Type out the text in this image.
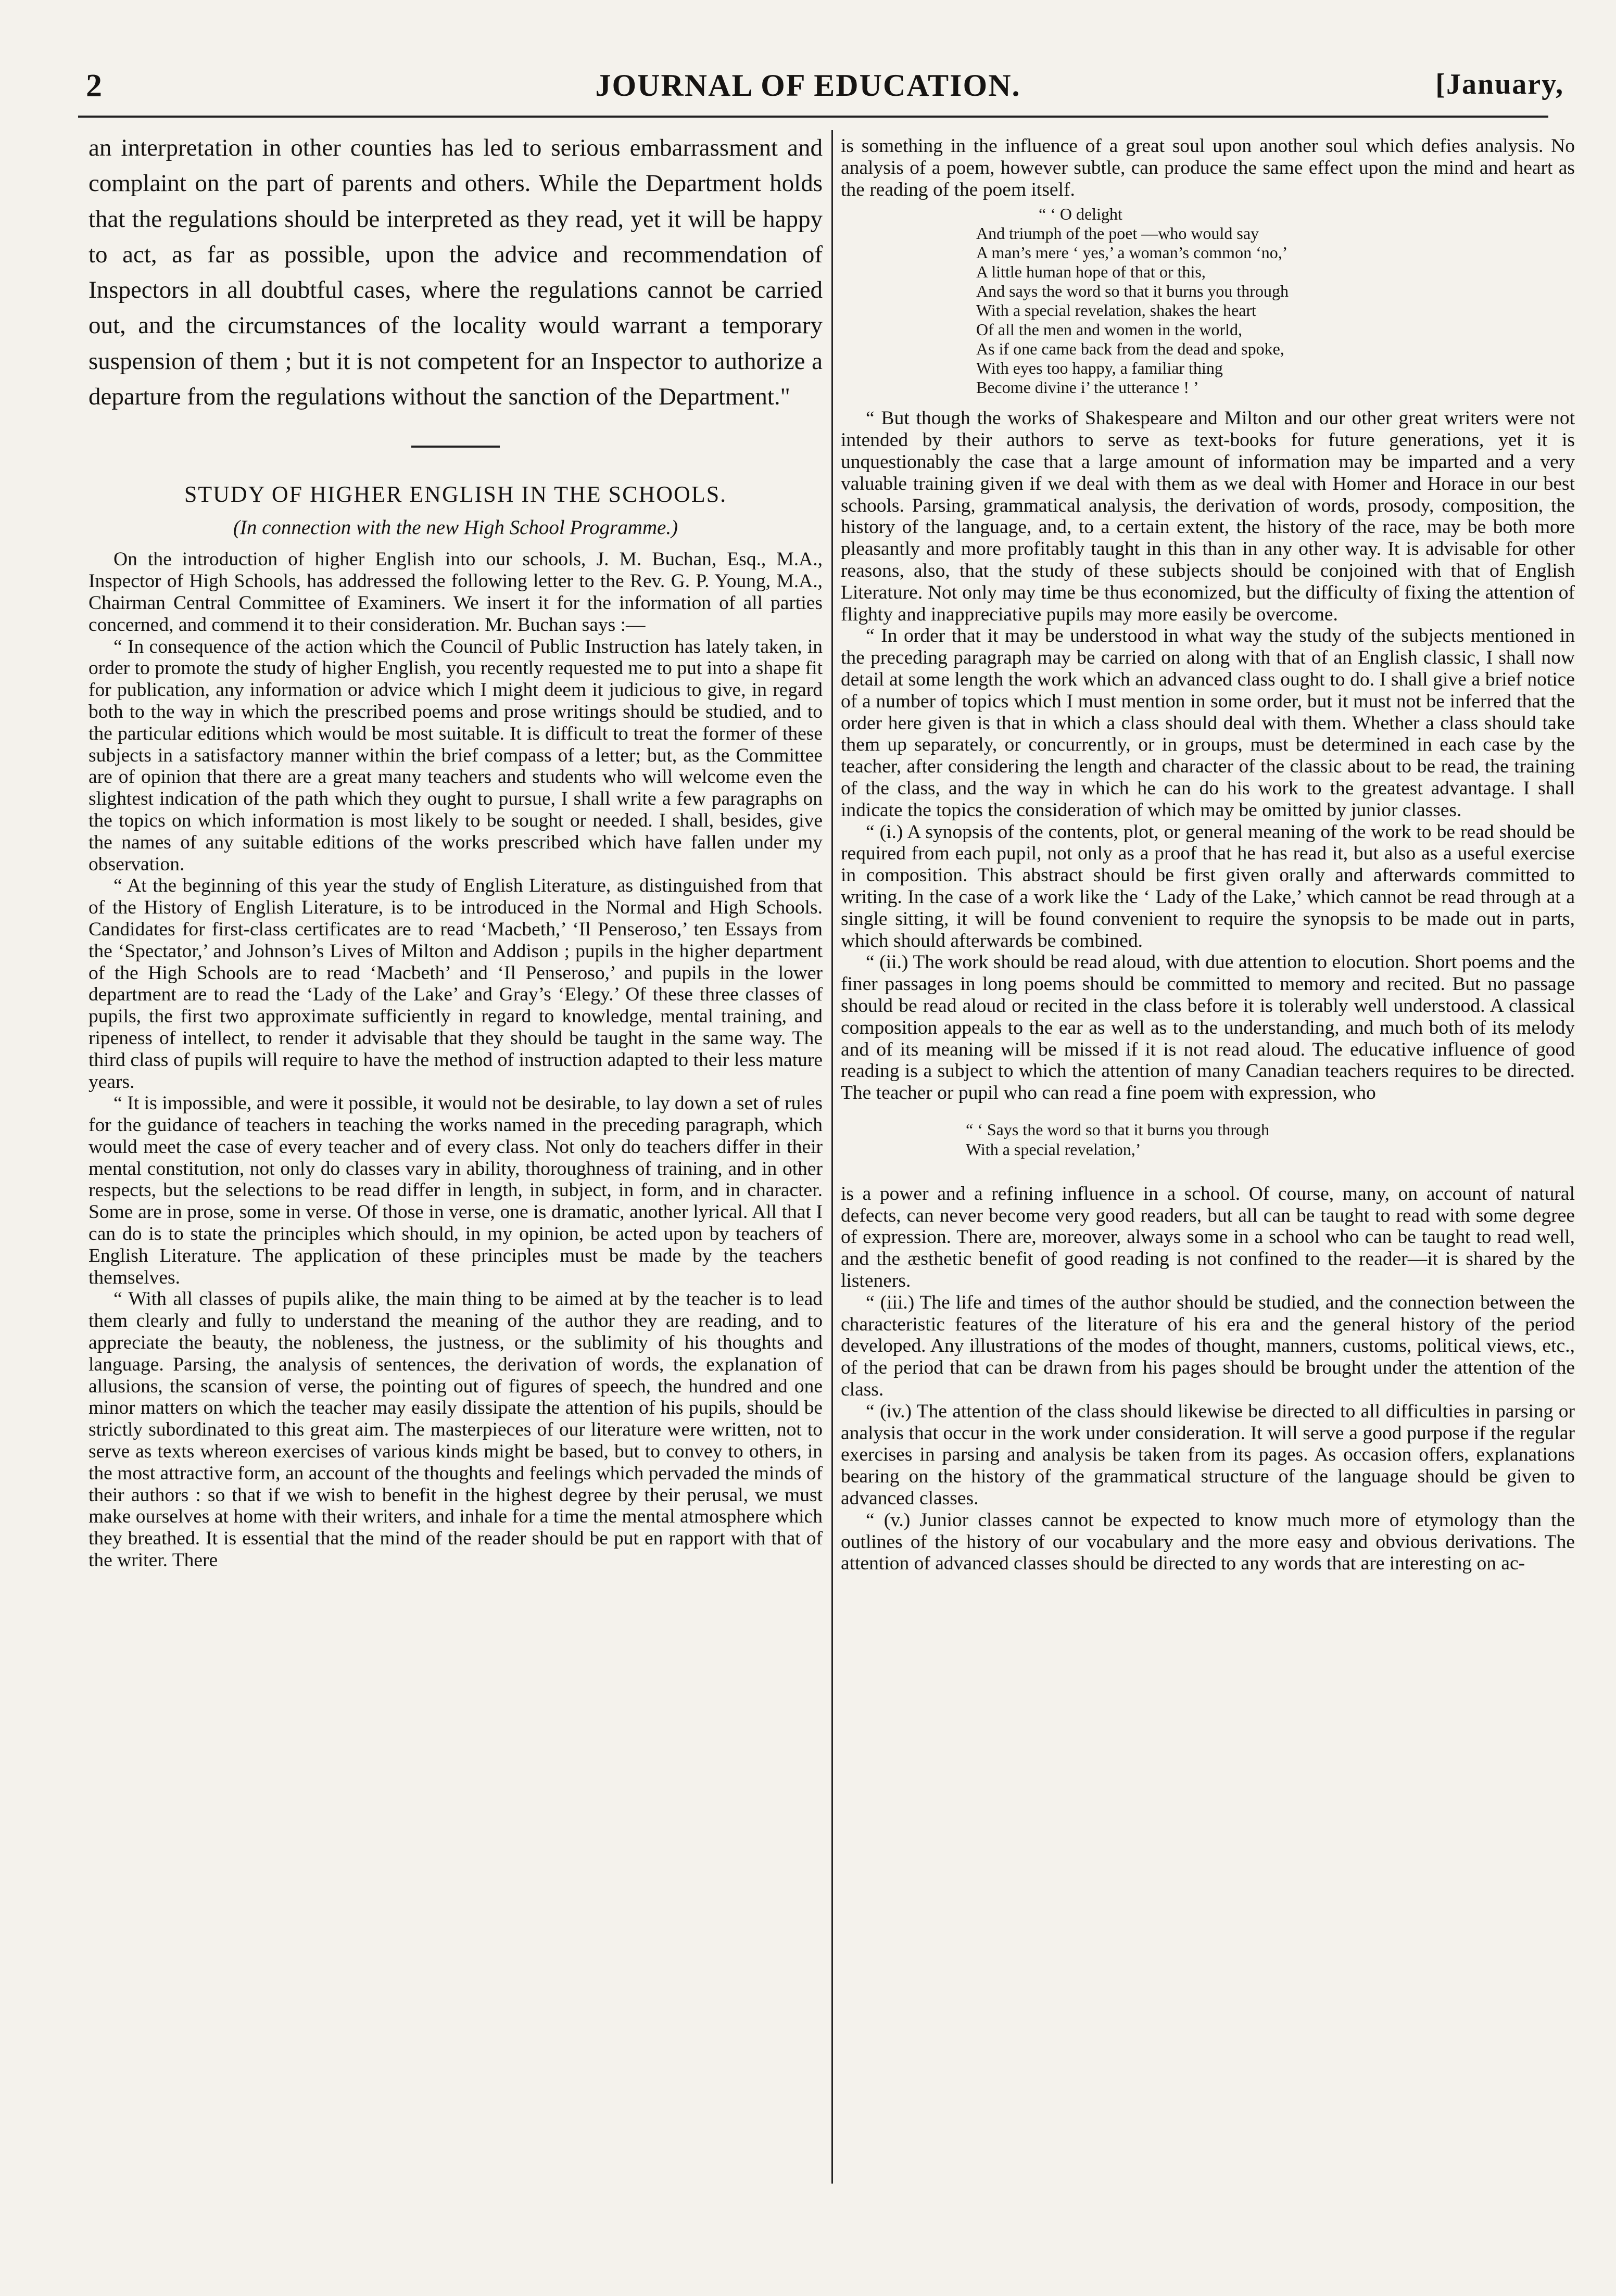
2	JOURNAL OF EDUCATION.	[January,

an interpretation in other counties has led to serious embarrassment and complaint on the part of parents and others. While the Department holds that the regulations should be interpreted as they read, yet it will be happy to act, as far as possible, upon the advice and recommendation of Inspectors in all doubtful cases, where the regulations cannot be carried out, and the circumstances of the locality would warrant a temporary suspension of them ; but it is not competent for an Inspector to authorize a departure from the regulations without the sanction of the Department."

STUDY OF HIGHER ENGLISH IN THE SCHOOLS.
(In connection with the new High School Programme.)

On the introduction of higher English into our schools, J. M. Buchan, Esq., M.A., Inspector of High Schools, has addressed the following letter to the Rev. G. P. Young, M.A., Chairman Central Committee of Examiners. We insert it for the information of all parties concerned, and commend it to their consideration. Mr. Buchan says :—

“ In consequence of the action which the Council of Public Instruction has lately taken, in order to promote the study of higher English, you recently requested me to put into a shape fit for publication, any information or advice which I might deem it judicious to give, in regard both to the way in which the prescribed poems and prose writings should be studied, and to the particular editions which would be most suitable. It is difficult to treat the former of these subjects in a satisfactory manner within the brief compass of a letter; but, as the Committee are of opinion that there are a great many teachers and students who will welcome even the slightest indication of the path which they ought to pursue, I shall write a few paragraphs on the topics on which information is most likely to be sought or needed. I shall, besides, give the names of any suitable editions of the works prescribed which have fallen under my observation.

“ At the beginning of this year the study of English Literature, as distinguished from that of the History of English Literature, is to be introduced in the Normal and High Schools. Candidates for first-class certificates are to read ‘Macbeth,’ ‘Il Penseroso,’ ten Essays from the ‘Spectator,’ and Johnson’s Lives of Milton and Addison ; pupils in the higher department of the High Schools are to read ‘Macbeth’ and ‘Il Penseroso,’ and pupils in the lower department are to read the ‘Lady of the Lake’ and Gray’s ‘Elegy.’ Of these three classes of pupils, the first two approximate sufficiently in regard to knowledge, mental training, and ripeness of intellect, to render it advisable that they should be taught in the same way. The third class of pupils will require to have the method of instruction adapted to their less mature years.

“ It is impossible, and were it possible, it would not be desirable, to lay down a set of rules for the guidance of teachers in teaching the works named in the preceding paragraph, which would meet the case of every teacher and of every class. Not only do teachers differ in their mental constitution, not only do classes vary in ability, thoroughness of training, and in other respects, but the selections to be read differ in length, in subject, in form, and in character. Some are in prose, some in verse. Of those in verse, one is dramatic, another lyrical. All that I can do is to state the principles which should, in my opinion, be acted upon by teachers of English Literature. The application of these principles must be made by the teachers themselves.

“ With all classes of pupils alike, the main thing to be aimed at by the teacher is to lead them clearly and fully to understand the meaning of the author they are reading, and to appreciate the beauty, the nobleness, the justness, or the sublimity of his thoughts and language. Parsing, the analysis of sentences, the derivation of words, the explanation of allusions, the scansion of verse, the pointing out of figures of speech, the hundred and one minor matters on which the teacher may easily dissipate the attention of his pupils, should be strictly subordinated to this great aim. The masterpieces of our literature were written, not to serve as texts whereon exercises of various kinds might be based, but to convey to others, in the most attractive form, an account of the thoughts and feelings which pervaded the minds of their authors : so that if we wish to benefit in the highest degree by their perusal, we must make ourselves at home with their writers, and inhale for a time the mental atmosphere which they breathed. It is essential that the mind of the reader should be put en rapport with that of the writer. There

is something in the influence of a great soul upon another soul which defies analysis. No analysis of a poem, however subtle, can produce the same effect upon the mind and heart as the reading of the poem itself.

“ ‘ O delight
And triumph of the poet —who would say
A man’s mere ‘ yes,’ a woman’s common ‘no,’
A little human hope of that or this,
And says the word so that it burns you through
With a special revelation, shakes the heart
Of all the men and women in the world,
As if one came back from the dead and spoke,
With eyes too happy, a familiar thing
Become divine i’ the utterance ! ’

“ But though the works of Shakespeare and Milton and our other great writers were not intended by their authors to serve as text-books for future generations, yet it is unquestionably the case that a large amount of information may be imparted and a very valuable training given if we deal with them as we deal with Homer and Horace in our best schools. Parsing, grammatical analysis, the derivation of words, prosody, composition, the history of the language, and, to a certain extent, the history of the race, may be both more pleasantly and more profitably taught in this than in any other way. It is advisable for other reasons, also, that the study of these subjects should be conjoined with that of English Literature. Not only may time be thus economized, but the difficulty of fixing the attention of flighty and inappreciative pupils may more easily be overcome.

“ In order that it may be understood in what way the study of the subjects mentioned in the preceding paragraph may be carried on along with that of an English classic, I shall now detail at some length the work which an advanced class ought to do. I shall give a brief notice of a number of topics which I must mention in some order, but it must not be inferred that the order here given is that in which a class should deal with them. Whether a class should take them up separately, or concurrently, or in groups, must be determined in each case by the teacher, after considering the length and character of the classic about to be read, the training of the class, and the way in which he can do his work to the greatest advantage. I shall indicate the topics the consideration of which may be omitted by junior classes.

“ (i.) A synopsis of the contents, plot, or general meaning of the work to be read should be required from each pupil, not only as a proof that he has read it, but also as a useful exercise in composition. This abstract should be first given orally and afterwards committed to writing. In the case of a work like the ‘ Lady of the Lake,’ which cannot be read through at a single sitting, it will be found convenient to require the synopsis to be made out in parts, which should afterwards be combined.

“ (ii.) The work should be read aloud, with due attention to elocution. Short poems and the finer passages in long poems should be committed to memory and recited. But no passage should be read aloud or recited in the class before it is tolerably well understood. A classical composition appeals to the ear as well as to the understanding, and much both of its melody and of its meaning will be missed if it is not read aloud. The educative influence of good reading is a subject to which the attention of many Canadian teachers requires to be directed. The teacher or pupil who can read a fine poem with expression, who

“ ‘ Says the word so that it burns you through
With a special revelation,’

is a power and a refining influence in a school. Of course, many, on account of natural defects, can never become very good readers, but all can be taught to read with some degree of expression. There are, moreover, always some in a school who can be taught to read well, and the æsthetic benefit of good reading is not confined to the reader—it is shared by the listeners.

“ (iii.) The life and times of the author should be studied, and the connection between the characteristic features of the literature of his era and the general history of the period developed. Any illustrations of the modes of thought, manners, customs, political views, etc., of the period that can be drawn from his pages should be brought under the attention of the class.

“ (iv.) The attention of the class should likewise be directed to all difficulties in parsing or analysis that occur in the work under consideration. It will serve a good purpose if the regular exercises in parsing and analysis be taken from its pages. As occasion offers, explanations bearing on the history of the grammatical structure of the language should be given to advanced classes.

“ (v.) Junior classes cannot be expected to know much more of etymology than the outlines of the history of our vocabulary and the more easy and obvious derivations. The attention of advanced classes should be directed to any words that are interesting on ac-
